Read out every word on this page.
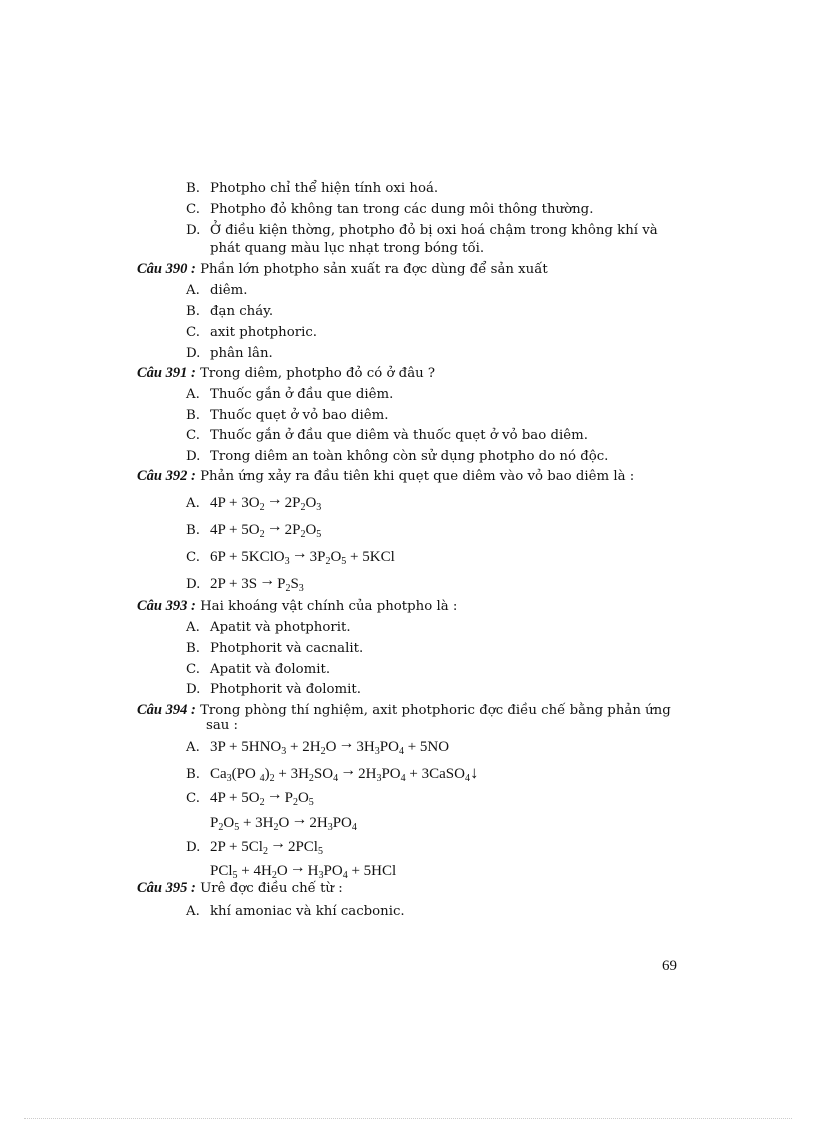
B. Photpho chỉ thể hiện tính oxi hoá.
C. Photpho đỏ không tan trong các dung môi thông thường.
D. Ở điều kiện thờng, photpho đỏ bị oxi hoá chậm trong không khí và
phát quang màu lục nhạt trong bóng tối.
Câu 390 : Phần lớn photpho sản xuất ra đợc dùng để sản xuất
A. diêm.
B. đạn cháy.
C. axit photphoric.
D. phân lân.
Câu 391 : Trong diêm, photpho đỏ có ở đâu ?
A. Thuốc gắn ở đầu que diêm.
B. Thuốc quẹt ở vỏ bao diêm.
C. Thuốc gắn ở đầu que diêm và thuốc quẹt ở vỏ bao diêm.
D. Trong diêm an toàn không còn sử dụng photpho do nó độc.
Câu 392 : Phản ứng xảy ra đầu tiên khi quẹt que diêm vào vỏ bao diêm là :
A. $4P + 3O_2\to 2P_2O_3$
B. $4P + 5O_2\to 2P_2O_5$
C. $6P + 5KClO_3\to 3P_2O_5 + 5KCl$
D. $2P + 3S\to P_2S_3$
Câu 393 : Hai khoáng vật chính của photpho là :
A. Apatit và photphorit.
B. Photphorit và cacnalit.
C. Apatit và đolomit.
D. Photphorit và đolomit.
Câu 394 : Trong phòng thí nghiệm, axit photphoric đợc điều chế bằng phản ứng
sau :
A. $3P + 5HNO_3 + 2H_2O\to 3H_3PO_4 + 5NO$
B. $Ca_3(PO$ $_4)_2 + 3H_2SO_4\to 2H_3PO_4$ + 3CaSO$_4$↓
C. $4P + 5O_2\to P_2O_5$
$P_2O_5 + 3H_2O\to 2H_3PO_4$
D. $2P + 5Cl_2\to 2PCl_5$
$PCl_5 + 4H_2O\to H_3PO_4 + 5HCl$
Câu 395 : Urê đợc điều chế từ :
A. khí amoniac và khí cacbonic.
69
